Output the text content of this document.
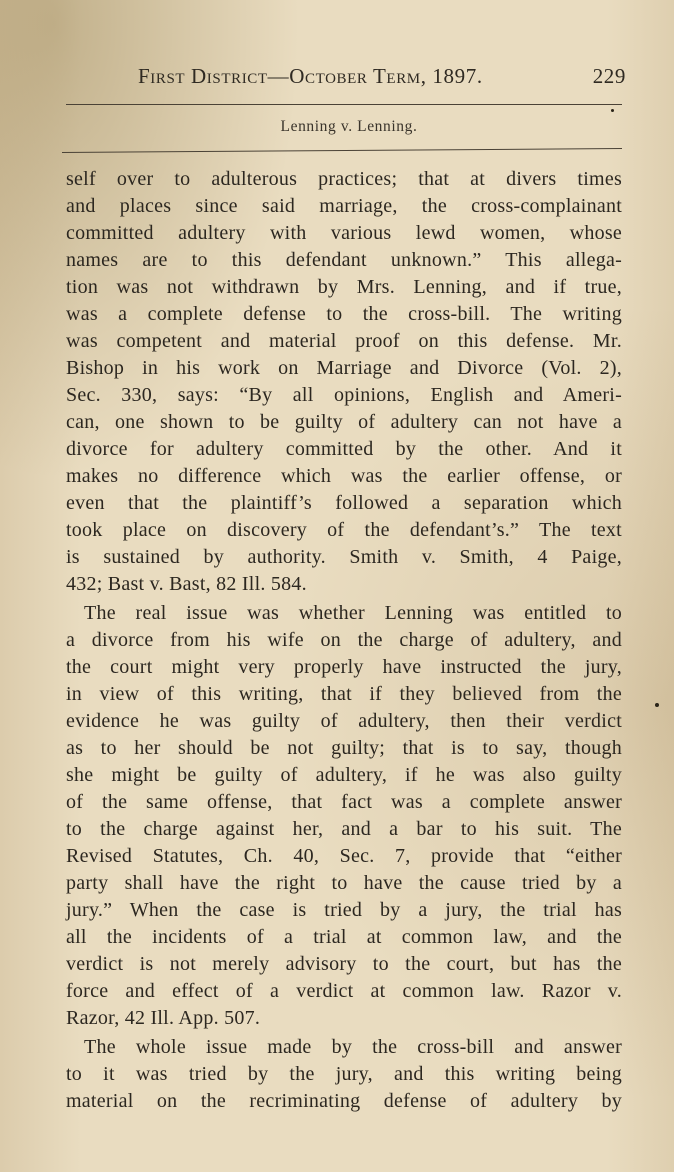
First District—October Term, 1897.	229
Lenning v. Lenning.
self over to adulterous practices; that at divers times
and places since said marriage, the cross-complainant
committed adultery with various lewd women, whose
names are to this defendant unknown.” This allega-
tion was not withdrawn by Mrs. Lenning, and if true,
was a complete defense to the cross-bill. The writing
was competent and material proof on this defense. Mr.
Bishop in his work on Marriage and Divorce (Vol. 2),
Sec. 330, says: “By all opinions, English and Ameri-
can, one shown to be guilty of adultery can not have a
divorce for adultery committed by the other. And it
makes no difference which was the earlier offense, or
even that the plaintiff’s followed a separation which
took place on discovery of the defendant’s.” The text
is sustained by authority. Smith v. Smith, 4 Paige,
432; Bast v. Bast, 82 Ill. 584.
The real issue was whether Lenning was entitled to
a divorce from his wife on the charge of adultery, and
the court might very properly have instructed the jury,
in view of this writing, that if they believed from the
evidence he was guilty of adultery, then their verdict
as to her should be not guilty; that is to say, though
she might be guilty of adultery, if he was also guilty
of the same offense, that fact was a complete answer
to the charge against her, and a bar to his suit. The
Revised Statutes, Ch. 40, Sec. 7, provide that “either
party shall have the right to have the cause tried by a
jury.” When the case is tried by a jury, the trial has
all the incidents of a trial at common law, and the
verdict is not merely advisory to the court, but has the
force and effect of a verdict at common law. Razor v.
Razor, 42 Ill. App. 507.
The whole issue made by the cross-bill and answer
to it was tried by the jury, and this writing being
material on the recriminating defense of adultery by
